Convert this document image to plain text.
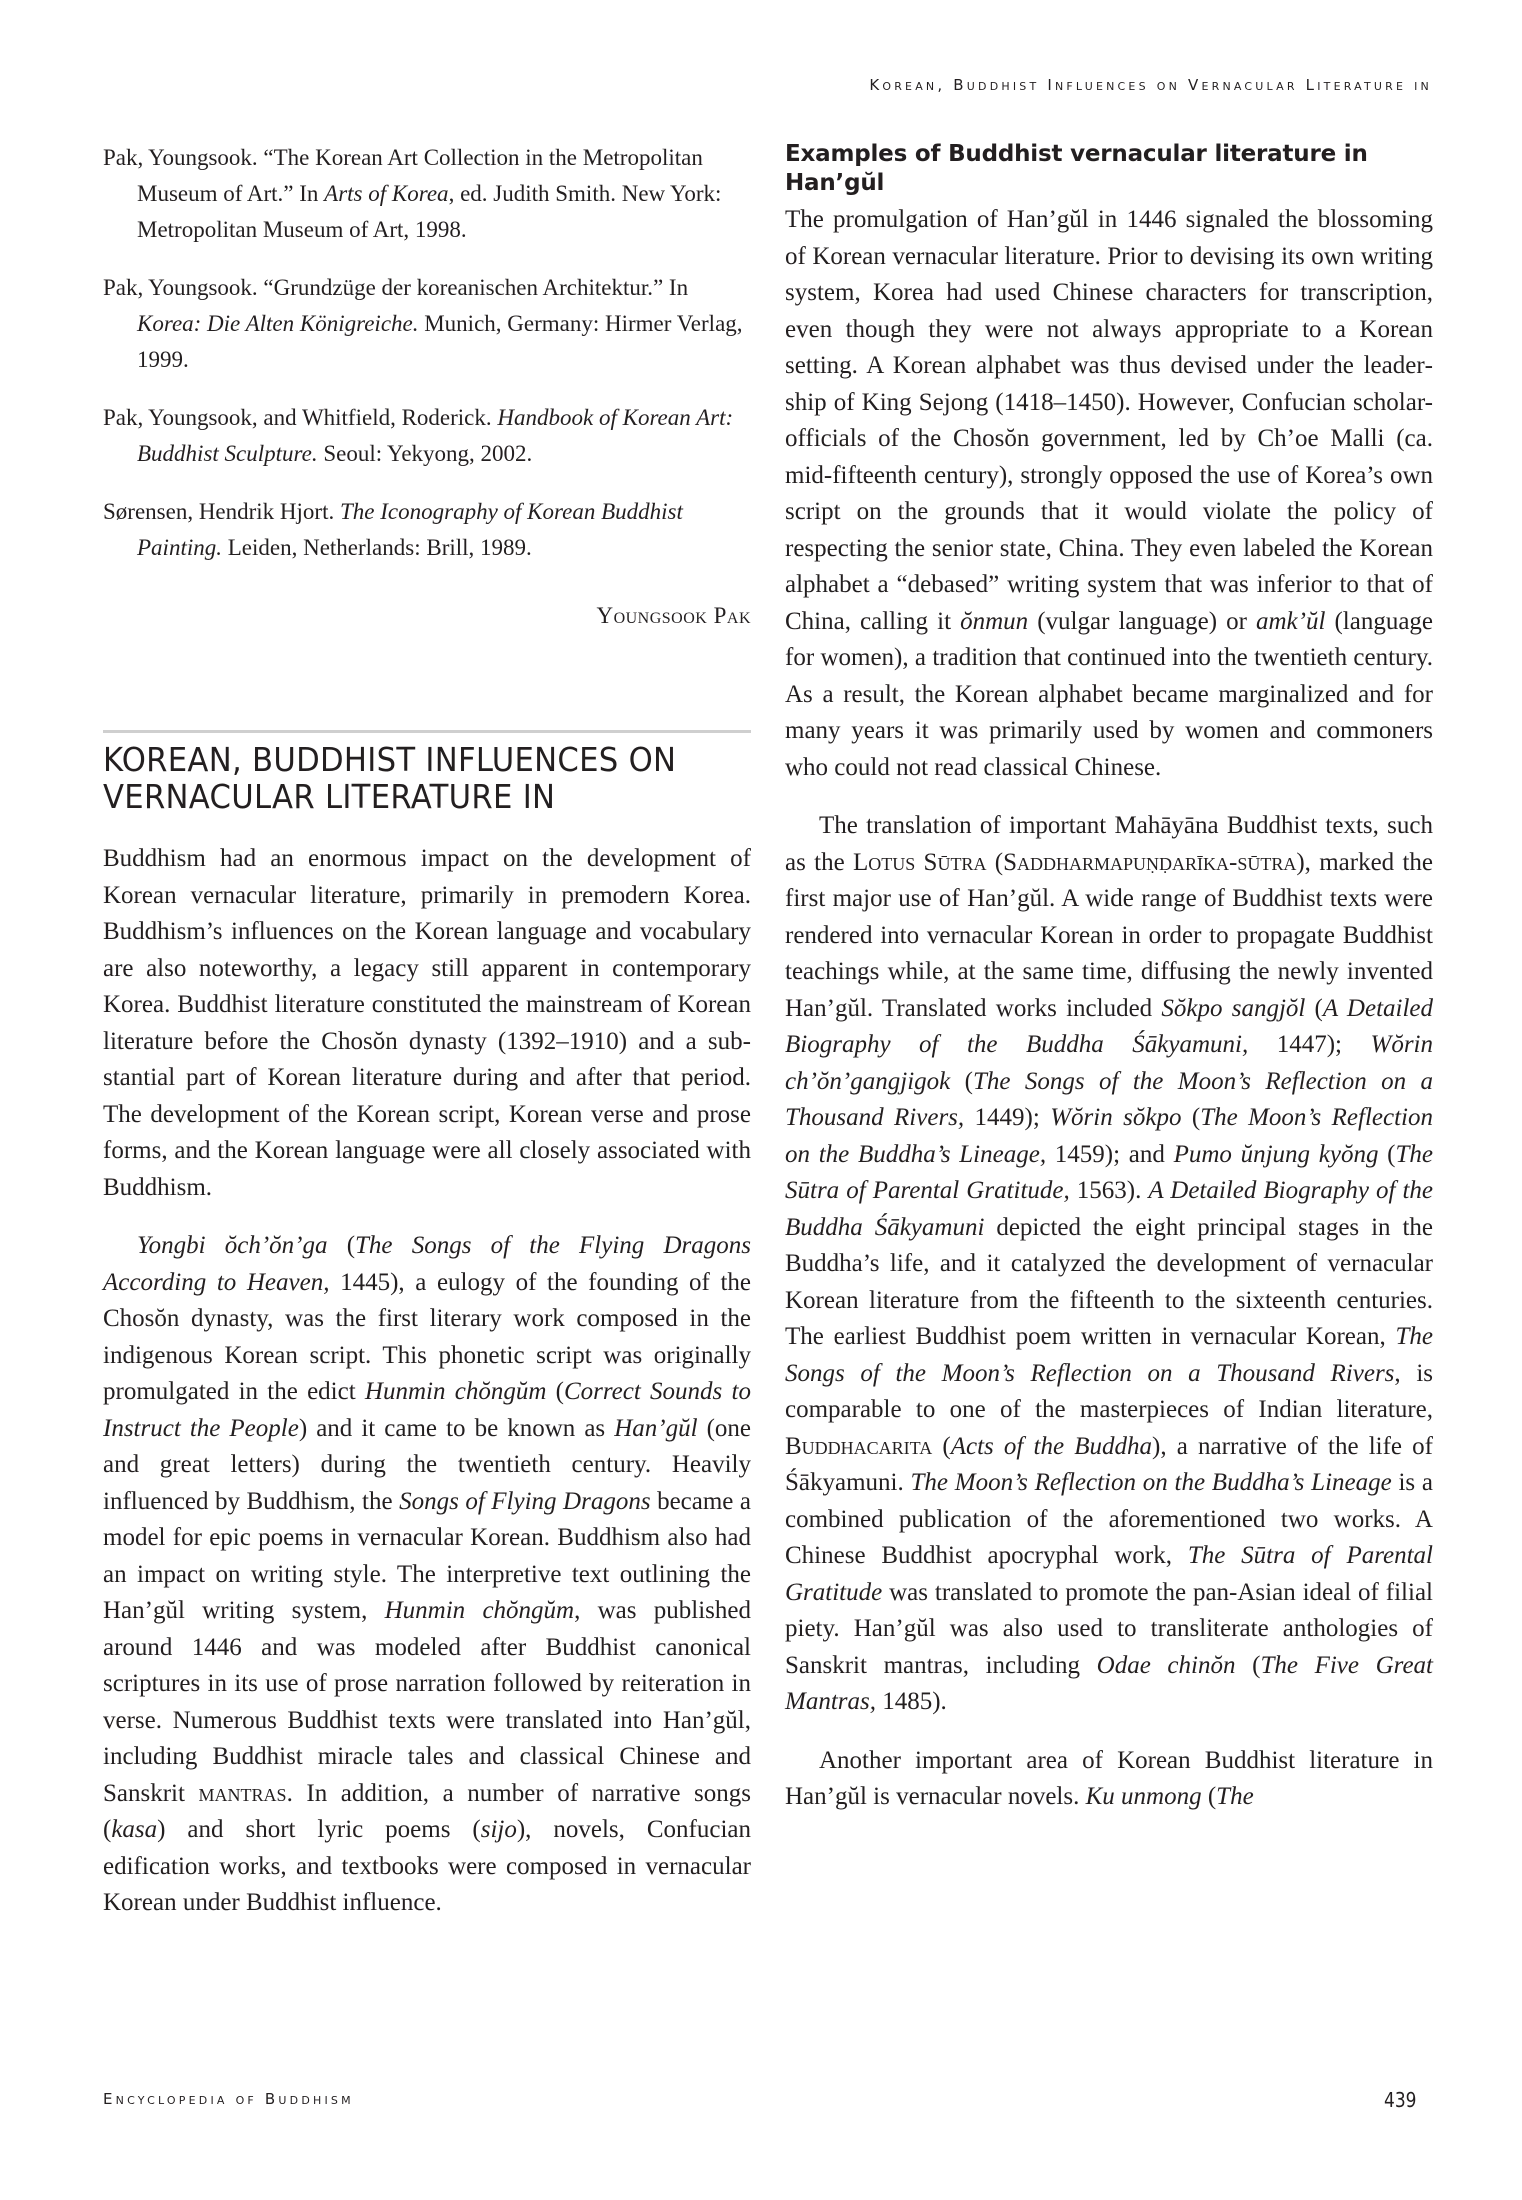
Korean, Buddhist Influences on Vernacular Literature in

Pak, Youngsook. “The Korean Art Collection in the Metropolitan Museum of Art.” In Arts of Korea, ed. Judith Smith. New York: Metropolitan Museum of Art, 1998.

Pak, Youngsook. “Grundzüge der koreanischen Architektur.” In Korea: Die Alten Königreiche. Munich, Germany: Hirmer Verlag, 1999.

Pak, Youngsook, and Whitfield, Roderick. Handbook of Korean Art: Buddhist Sculpture. Seoul: Yekyong, 2002.

Sørensen, Hendrik Hjort. The Iconography of Korean Buddhist Painting. Leiden, Netherlands: Brill, 1989.

Youngsook Pak
KOREAN, BUDDHIST INFLUENCES ON VERNACULAR LITERATURE IN

Buddhism had an enormous impact on the development of Korean vernacular literature, primarily in premodern Korea. Buddhism’s influences on the Korean language and vocabulary are also noteworthy, a legacy still apparent in contemporary Korea. Buddhist literature constituted the mainstream of Korean literature before the Chosŏn dynasty (1392–1910) and a substantial part of Korean literature during and after that period. The development of the Korean script, Korean verse and prose forms, and the Korean language were all closely associated with Buddhism.

Yongbi ŏch’ŏn’ga (The Songs of the Flying Dragons According to Heaven, 1445), a eulogy of the founding of the Chosŏn dynasty, was the first literary work composed in the indigenous Korean script. This phonetic script was originally promulgated in the edict Hunmin chŏngŭm (Correct Sounds to Instruct the People) and it came to be known as Han’gŭl (one and great letters) during the twentieth century. Heavily influenced by Buddhism, the Songs of Flying Dragons became a model for epic poems in vernacular Korean. Buddhism also had an impact on writing style. The interpretive text outlining the Han’gŭl writing system, Hunmin chŏngŭm, was published around 1446 and was modeled after Buddhist canonical scriptures in its use of prose narration followed by reiteration in verse. Numerous Buddhist texts were translated into Han’gŭl, including Buddhist miracle tales and classical Chinese and Sanskrit mantras. In addition, a number of narrative songs (kasa) and short lyric poems (sijo), novels, Confucian edification works, and textbooks were composed in vernacular Korean under Buddhist influence.

Examples of Buddhist vernacular literature in Han’gŭl

The promulgation of Han’gŭl in 1446 signaled the blossoming of Korean vernacular literature. Prior to devising its own writing system, Korea had used Chinese characters for transcription, even though they were not always appropriate to a Korean setting. A Korean alphabet was thus devised under the leadership of King Sejong (1418–1450). However, Confucian scholar-officials of the Chosŏn government, led by Ch’oe Malli (ca. mid-fifteenth century), strongly opposed the use of Korea’s own script on the grounds that it would violate the policy of respecting the senior state, China. They even labeled the Korean alphabet a “debased” writing system that was inferior to that of China, calling it ŏnmun (vulgar language) or amk’ŭl (language for women), a tradition that continued into the twentieth century. As a result, the Korean alphabet became marginalized and for many years it was primarily used by women and commoners who could not read classical Chinese.

The translation of important Mahāyāna Buddhist texts, such as the Lotus Sūtra (Saddharmapuṇḍarīka-sūtra), marked the first major use of Han’gŭl. A wide range of Buddhist texts were rendered into vernacular Korean in order to propagate Buddhist teachings while, at the same time, diffusing the newly invented Han’gŭl. Translated works included Sŏkpo sangjŏl (A Detailed Biography of the Buddha Śākyamuni, 1447); Wŏrin ch’ŏn’gangjigok (The Songs of the Moon’s Reflection on a Thousand Rivers, 1449); Wŏrin sŏkpo (The Moon’s Reflection on the Buddha’s Lineage, 1459); and Pumo ŭnjung kyŏng (The Sūtra of Parental Gratitude, 1563). A Detailed Biography of the Buddha Śākyamuni depicted the eight principal stages in the Buddha’s life, and it catalyzed the development of vernacular Korean literature from the fifteenth to the sixteenth centuries. The earliest Buddhist poem written in vernacular Korean, The Songs of the Moon’s Reflection on a Thousand Rivers, is comparable to one of the masterpieces of Indian literature, Buddhacarita (Acts of the Buddha), a narrative of the life of Śākyamuni. The Moon’s Reflection on the Buddha’s Lineage is a combined publication of the aforementioned two works. A Chinese Buddhist apocryphal work, The Sūtra of Parental Gratitude was translated to promote the pan-Asian ideal of filial piety. Han’gŭl was also used to transliterate anthologies of Sanskrit mantras, including Odae chinŏn (The Five Great Mantras, 1485).

Another important area of Korean Buddhist literature in Han’gŭl is vernacular novels. Ku unmong (The

Encyclopedia of Buddhism	439
